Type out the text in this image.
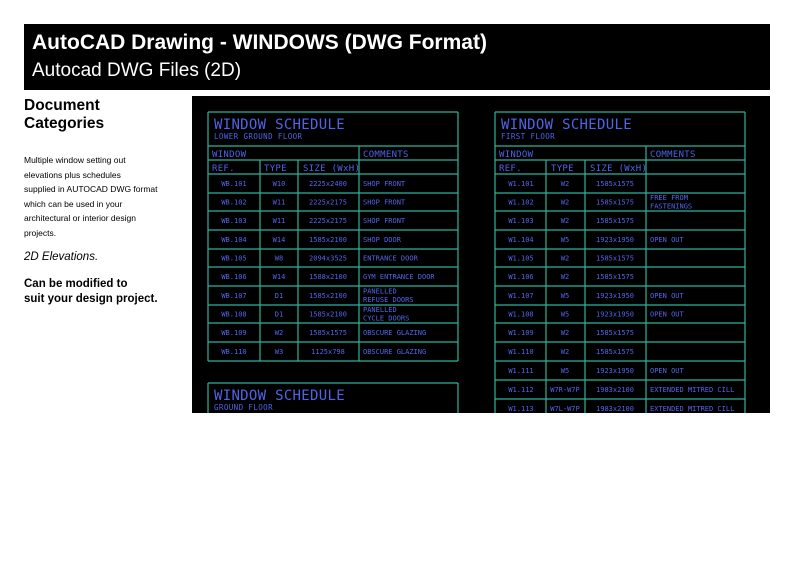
AutoCAD Drawing - WINDOWS (DWG Format)
Autocad DWG Files (2D)
Document
Categories
Multiple window setting out
elevations plus schedules
supplied in AUTOCAD DWG format
which can be used in your
architectural or interior design
projects.
2D Elevations.
Can be modified to
suit your design project.
WINDOW SCHEDULE
LOWER GROUND FLOOR
WINDOW	COMMENTS
REF.	TYPE SIZE (WxH)
WB.101	W10	2225x2400 SHOP FRONT
WB.102	W11	2225x2175 SHOP FRONT
WB.103	W11	2225x2175 SHOP FRONT
WB.104	W14	1585x2100 SHOP DOOR
WB.105	W8	2094x3525 ENTRANCE DOOR
WB.106	W14	1588x2100 GYM ENTRANCE DOOR
WB.107	D1	1585x2100
PANELLED
REFUSE DOORS
WB.108	D1	1585x2100
PANELLED
CYCLE DOORS
WB.109	W2	1585x1575 OBSCURE GLAZING
WB.110	W3	1125x798	OBSCURE GLAZING
WINDOW SCHEDULE
FIRST FLOOR
WINDOW	COMMENTS
REF.	TYPE SIZE (WxH)
W1.101	W2	1585x1575
W1.102	W2	1585x1575
FREE FROM
FASTENINGS
W1.103	W2	1585x1575
W1.104	W5	1923x1950 OPEN OUT
W1.105	W2	1585x1575
W1.106	W2	1585x1575
W1.107	W5	1923x1950 OPEN OUT
W1.108	W5	1923x1950 OPEN OUT
W1.109	W2	1585x1575
W1.110	W2	1585x1575
W1.111	W5	1923x1950 OPEN OUT
W1.112 W7R-W7P 1983x2100 EXTENDED MITRED CILL
W1.113 W7L-W7P 1983x2100 EXTENDED MITRED CILL
WINDOW SCHEDULE
GROUND FLOOR
